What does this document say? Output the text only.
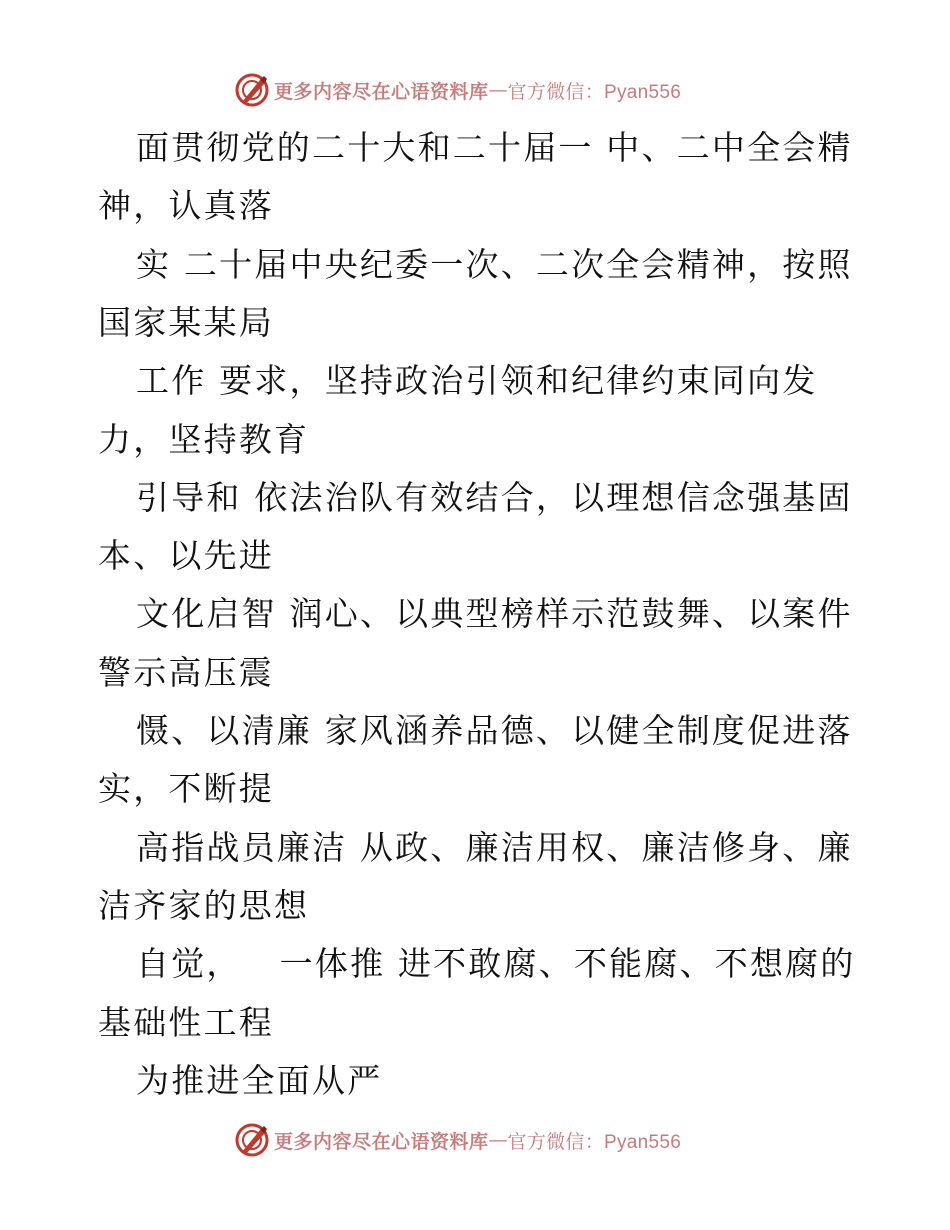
更多内容尽在心语资料库 — 官方微信：Pyan556
面贯彻党的二十大和二十届一 中、二中全会精
神，认真落
实 二十届中央纪委一次、二次全会精神，按照
国家某某局
工作 要求，坚持政治引领和纪律约束同向发
力，坚持教育
引导和 依法治队有效结合，以理想信念强基固
本、以先进
文化启智 润心、以典型榜样示范鼓舞、以案件
警示高压震
慑、以清廉 家风涵养品德、以健全制度促进落
实，不断提
高指战员廉洁 从政、廉洁用权、廉洁修身、廉
洁齐家的思想
自觉，   一体推 进不敢腐、不能腐、不想腐的
基础性工程
为推进全面从严
更多内容尽在心语资料库 — 官方微信：Pyan556
